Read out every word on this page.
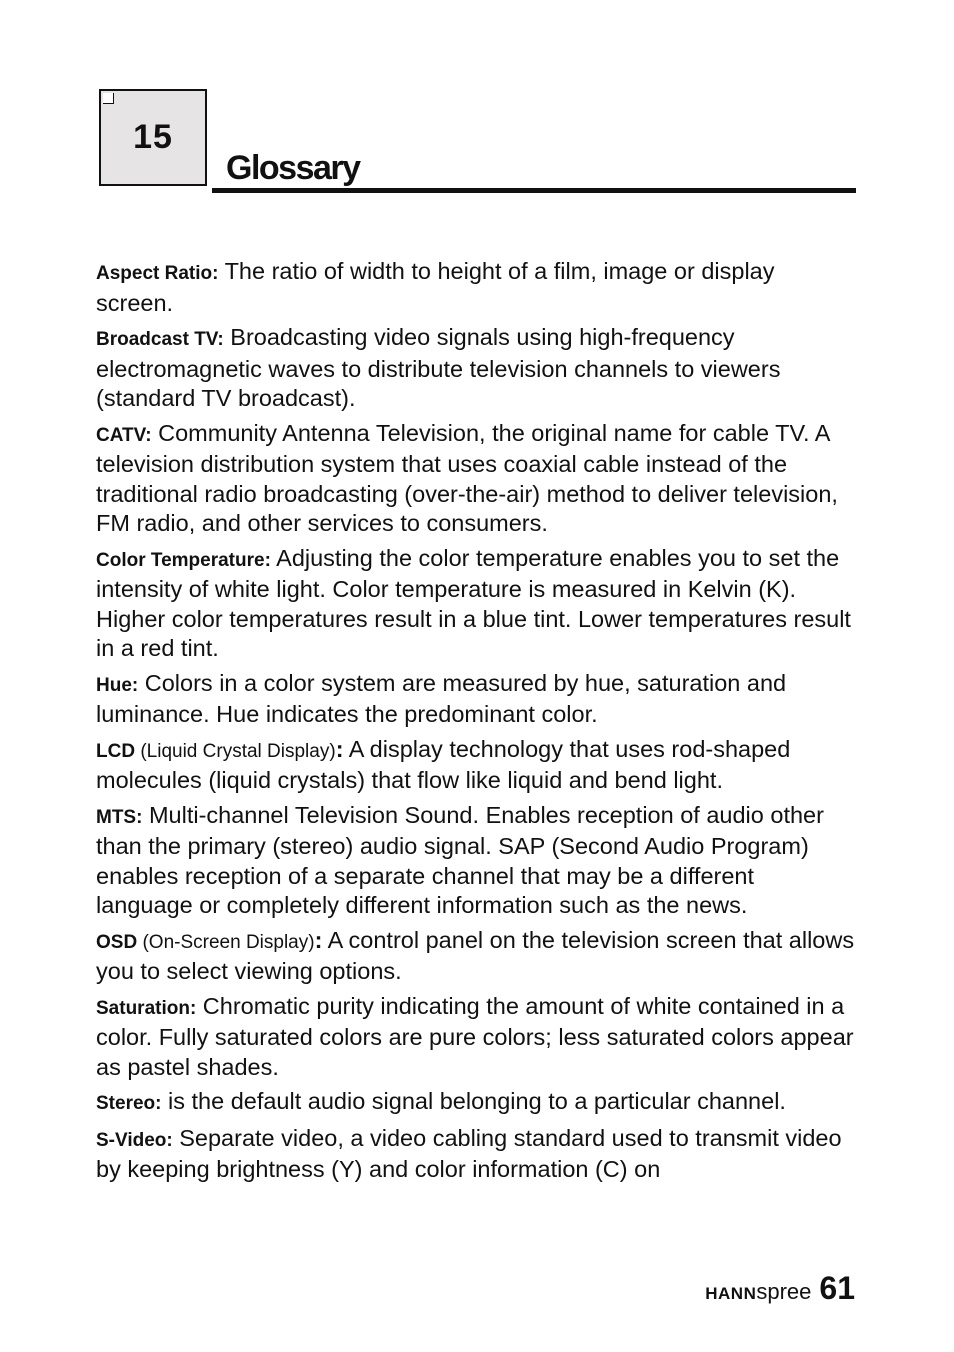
15
Glossary

Aspect Ratio: The ratio of width to height of a film, image or display screen.

Broadcast TV: Broadcasting video signals using high-frequency electromagnetic waves to distribute television channels to viewers (standard TV broadcast).

CATV: Community Antenna Television, the original name for cable TV. A television distribution system that uses coaxial cable instead of the traditional radio broadcasting (over-the-air) method to deliver television, FM radio, and other services to consumers.

Color Temperature: Adjusting the color temperature enables you to set the intensity of white light. Color temperature is measured in Kelvin (K). Higher color temperatures result in a blue tint. Lower temperatures result in a red tint.

Hue: Colors in a color system are measured by hue, saturation and luminance. Hue indicates the predominant color.

LCD (Liquid Crystal Display): A display technology that uses rod-shaped molecules (liquid crystals) that flow like liquid and bend light.

MTS: Multi-channel Television Sound. Enables reception of audio other than the primary (stereo) audio signal. SAP (Second Audio Program) enables reception of a separate channel that may be a different language or completely different information such as the news.

OSD (On-Screen Display): A control panel on the television screen that allows you to select viewing options.

Saturation: Chromatic purity indicating the amount of white contained in a color. Fully saturated colors are pure colors; less saturated colors appear as pastel shades.

Stereo: is the default audio signal belonging to a particular channel.

S-Video: Separate video, a video cabling standard used to transmit video by keeping brightness (Y) and color information (C) on

HANN spree 61
